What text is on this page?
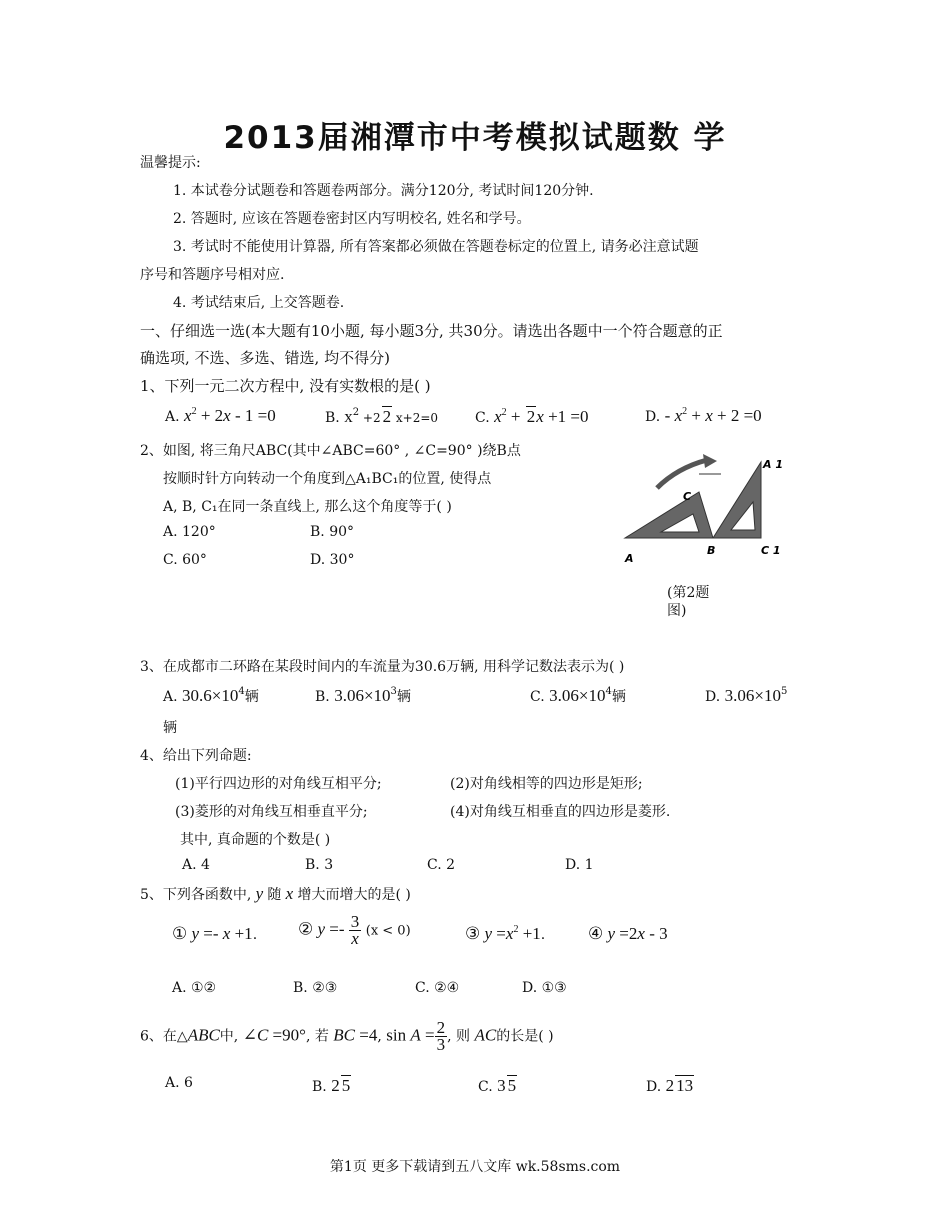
2013届湘潭市中考模拟试题数 学
温馨提示:
1. 本试卷分试题卷和答题卷两部分。满分120分, 考试时间120分钟.
2. 答题时, 应该在答题卷密封区内写明校名, 姓名和学号。
3. 考试时不能使用计算器, 所有答案都必须做在答题卷标定的位置上, 请务必注意试题
序号和答题序号相对应.
4. 考试结束后, 上交答题卷.
一、仔细选一选(本大题有10小题, 每小题3分, 共30分。请选出各题中一个符合题意的正
确选项, 不选、多选、错选, 均不得分)
1、下列一元二次方程中, 没有实数根的是( )
A. $x^2 + 2x - 1 =0$	B. $x^2 +2$ 2 x+2=0	C. $x^2 + 2x +1 =0$	D. - $x^2 + x + 2 =0$
2、如图, 将三角尺ABC(其中∠ABC=60° , ∠C=90° )绕B点
按顺时针方向转动一个角度到△A₁BC₁的位置, 使得点
A, B, C₁在同一条直线上, 那么这个角度等于( )
A. 120°	B. 90°
C. 60°	D. 30°	A
B
C
A 1
C 1
(第2题
图)
3、在成都市二环路在某段时间内的车流量为30.6万辆, 用科学记数法表示为( )
A. $30.6\times 10^4$辆	B. $3.06\times 10^3$辆	C. $3.06\times 10^4$辆	D. $3.06\times 10^5$
辆
4、给出下列命题:
(1)平行四边形的对角线互相平分;	(2)对角线相等的四边形是矩形;
(3)菱形的对角线互相垂直平分;	(4)对角线互相垂直的四边形是菱形.
其中, 真命题的个数是( )
A. 4	B. 3	C. 2	D. 1
5、下列各函数中, y 随 x 增大而增大的是( )
① y =- x +1. ② $y =- \frac{3}{x} (x < 0)$	③ $y =x^2 +1$.	④ y =2x - 3
A. ①②	B. ②③	C. ②④	D. ①③
6、在△ABC中, ∠C =90°, 若 BC =4, $\sin A = \frac{2}{3}$ , 则 AC的长是( )
A. 6	B. 2 5	C. 3 5	D. 2 13
第1页 更多下载请到五八文库 wk.58sms.com
